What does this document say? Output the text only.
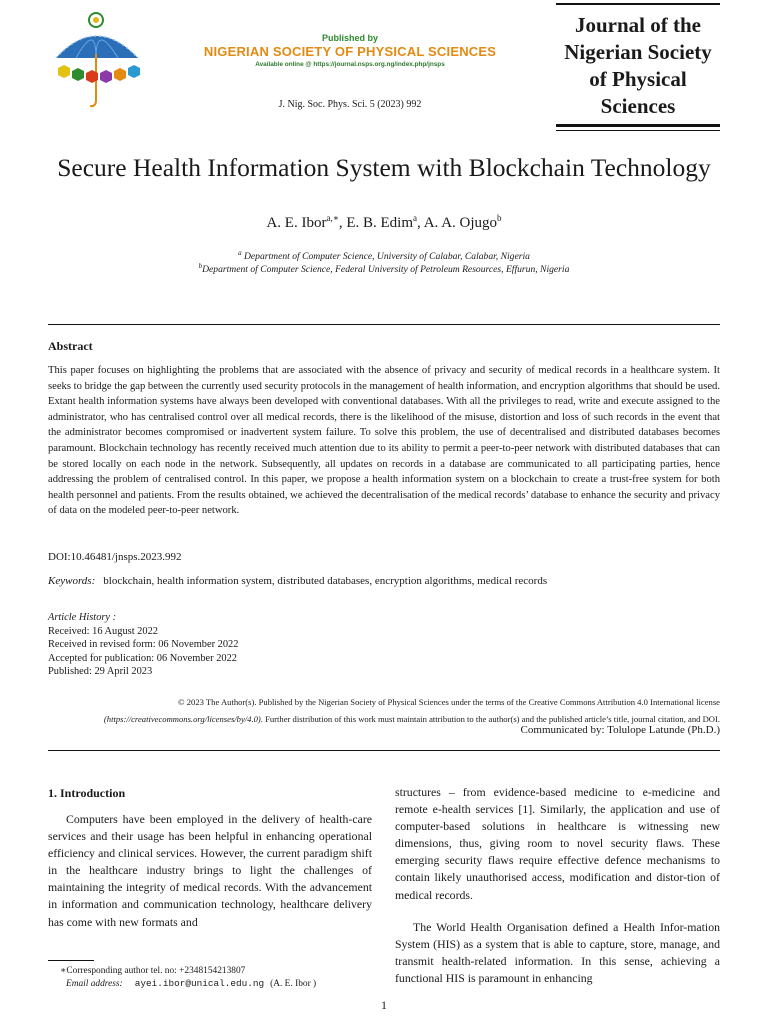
Published by
NIGERIAN SOCIETY OF PHYSICAL SCIENCES
Available online @ https://journal.nsps.org.ng/index.php/jnsps
J. Nig. Soc. Phys. Sci. 5 (2023) 992
Journal of the
Nigerian Society
of Physical
Sciences
Secure Health Information System with Blockchain Technology
A. E. Ibor$^{a,∗}$, E. B. Edim$^a$, A. A. Ojugo$^b$
$^a$ Department of Computer Science, University of Calabar, Calabar, Nigeria
$^b$Department of Computer Science, Federal University of Petroleum Resources, Effurun, Nigeria
Abstract
This paper focuses on highlighting the problems that are associated with the absence of privacy and security of medical records in a healthcare system. It seeks to bridge the gap between the currently used security protocols in the management of health information, and encryption algorithms that should be used. Extant health information systems have always been developed with conventional databases. With all the privileges to read, write and execute assigned to the administrator, who has centralised control over all medical records, there is the likelihood of the misuse, distortion and loss of such records in the event that the administrator becomes compromised or inadvertent system failure. To solve this problem, the use of decentralised and distributed databases becomes paramount. Blockchain technology has recently received much attention due to its ability to permit a peer-to-peer network with distributed databases that can be stored locally on each node in the network. Subsequently, all updates on records in a database are communicated to all participating parties, hence addressing the problem of centralised control. In this paper, we propose a health information system on a blockchain to create a trust-free system for both health personnel and patients. From the results obtained, we achieved the decentralisation of the medical records’ database to enhance the security and privacy of data on the modeled peer-to-peer network.
DOI:10.46481/jnsps.2023.992
Keywords: blockchain, health information system, distributed databases, encryption algorithms, medical records
Article History :
Received: 16 August 2022
Received in revised form: 06 November 2022
Accepted for publication: 06 November 2022
Published: 29 April 2023
© 2023 The Author(s). Published by the Nigerian Society of Physical Sciences under the terms of the Creative Commons Attribution 4.0 International license
(https://creativecommons.org/licenses/by/4.0). Further distribution of this work must maintain attribution to the author(s) and the published article’s title, journal citation, and DOI.
Communicated by: Tolulope Latunde (Ph.D.)
1. Introduction
Computers have been employed in the delivery of health-care services and their usage has been helpful in enhancing operational efficiency and clinical services. However, the current paradigm shift in the healthcare industry brings to light the challenges of maintaining the integrity of medical records. With the advancement in information and communication technology, healthcare delivery has come with new formats and
structures – from evidence-based medicine to e-medicine and remote e-health services [1]. Similarly, the application and use of computer-based solutions in healthcare is witnessing new dimensions, thus, giving room to novel security flaws. These emerging security flaws require effective defence mechanisms to contain likely unauthorised access, modification and distor-tion of medical records.
The World Health Organisation defined a Health Infor-mation System (HIS) as a system that is able to capture, store, manage, and transmit health-related information. In this sense, achieving a functional HIS is paramount in enhancing
∗Corresponding author tel. no: +2348154213807
Email address: ayei.ibor@unical.edu.ng (A. E. Ibor )
1
